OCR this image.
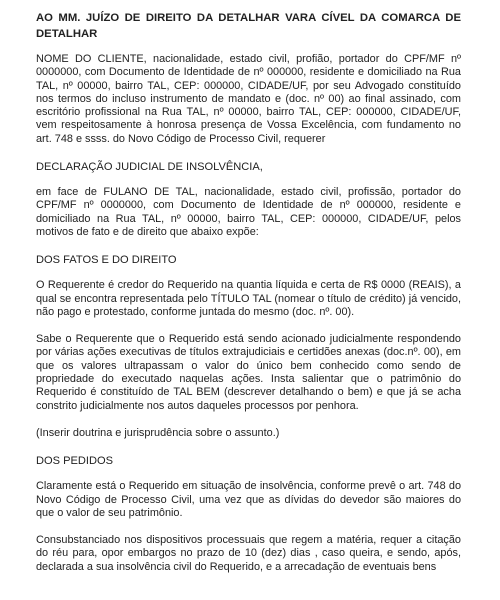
AO MM. JUÍZO DE DIREITO DA DETALHAR VARA CÍVEL DA COMARCA DE DETALHAR

NOME DO CLIENTE, nacionalidade, estado civil, profião, portador do CPF/MF nº 0000000, com Documento de Identidade de nº 000000, residente e domiciliado na Rua TAL, nº 00000, bairro TAL, CEP: 000000, CIDADE/UF, por seu Advogado constituído nos termos do incluso instrumento de mandato e (doc. nº 00) ao final assinado, com escritório profissional na Rua TAL, nº 00000, bairro TAL, CEP: 000000, CIDADE/UF, vem respeitosamente à honrosa presença de Vossa Excelência, com fundamento no art. 748 e ssss. do Novo Código de Processo Civil, requerer

DECLARAÇÃO JUDICIAL DE INSOLVÊNCIA,

em face de FULANO DE TAL, nacionalidade, estado civil, profissão, portador do CPF/MF nº 0000000, com Documento de Identidade de nº 000000, residente e domiciliado na Rua TAL, nº 00000, bairro TAL, CEP: 000000, CIDADE/UF, pelos motivos de fato e de direito que abaixo expõe:

DOS FATOS E DO DIREITO

O Requerente é credor do Requerido na quantia líquida e certa de R$ 0000 (REAIS), a qual se encontra representada pelo TÍTULO TAL (nomear o título de crédito) já vencido, não pago e protestado, conforme juntada do mesmo (doc. nº. 00).

Sabe o Requerente que o Requerido está sendo acionado judicialmente respondendo por várias ações executivas de títulos extrajudiciais e certidões anexas (doc.nº. 00), em que os valores ultrapassam o valor do único bem conhecido como sendo de propriedade do executado naquelas ações. Insta salientar que o patrimônio do Requerido é constituído de TAL BEM (descrever detalhando o bem) e que já se acha constrito judicialmente nos autos daqueles processos por penhora.

(Inserir doutrina e jurisprudência sobre o assunto.)

DOS PEDIDOS

Claramente está o Requerido em situação de insolvência, conforme prevê o art. 748 do Novo Código de Processo Civil, uma vez que as dívidas do devedor são maiores do que o valor de seu patrimônio.

Consubstanciado nos dispositivos processuais que regem a matéria, requer a citação do réu para, opor embargos no prazo de 10 (dez) dias , caso queira, e sendo, após, declarada a sua insolvência civil do Requerido, e a arrecadação de eventuais bens
